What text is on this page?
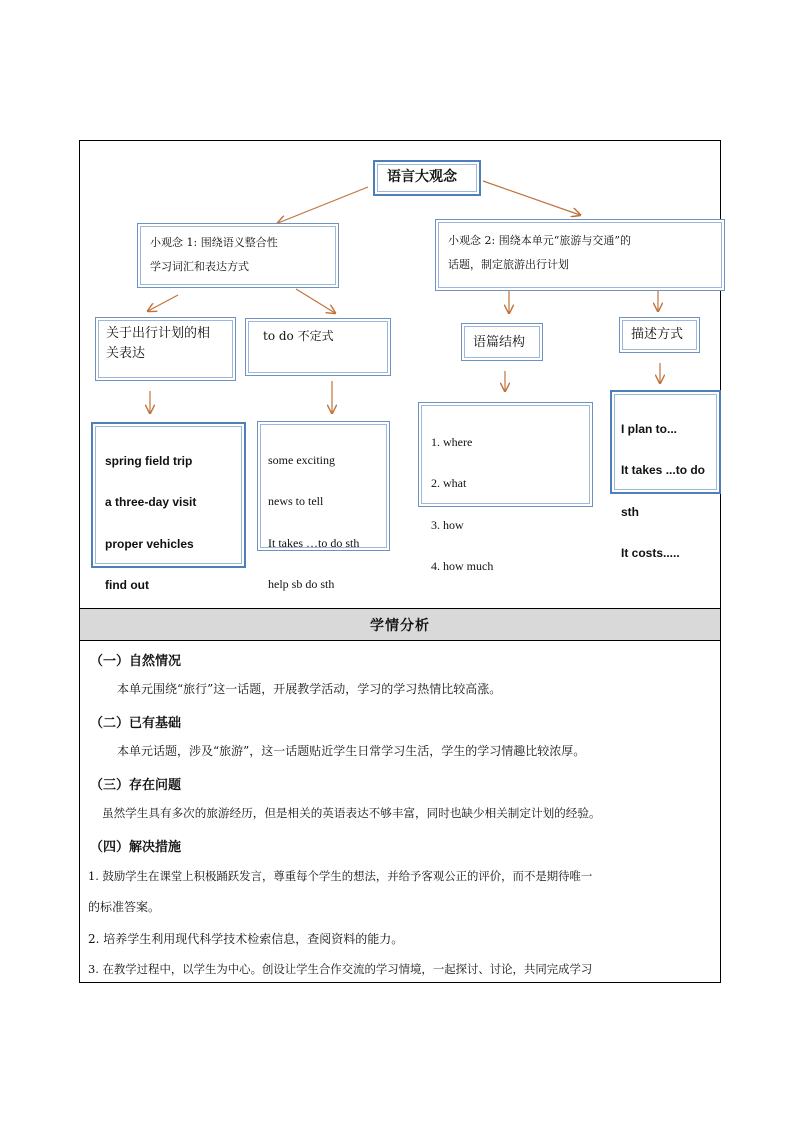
语言大观念
小观念 1: 围绕语义整合性
学习词汇和表达方式
小观念 2: 围绕本单元“旅游与交通”的
话题，制定旅游出行计划
关于出行计划的相
关表达
to do 不定式	语篇结构
描述方式

spring field trip

a three-day visit

proper vehicles

find out

some exciting

news to tell

It takes …to do sth

help sb do sth

1. where

2. what

3. how

4. how much

I plan to...

It takes ...to do

sth

It costs.....

学情分析
（一）自然情况
本单元围绕“旅行”这一话题，开展教学活动，学习的学习热情比较高涨。
（二）已有基础
本单元话题，涉及“旅游”，这一话题贴近学生日常学习生活，学生的学习情趣比较浓厚。
（三）存在问题
虽然学生具有多次的旅游经历，但是相关的英语表达不够丰富，同时也缺少相关制定计划的经验。
（四）解决措施
1. 鼓励学生在课堂上积极踊跃发言，尊重每个学生的想法，并给予客观公正的评价，而不是期待唯一
的标准答案。
2. 培养学生利用现代科学技术检索信息，查阅资料的能力。
3. 在教学过程中，以学生为中心。创设让学生合作交流的学习情境，一起探讨、讨论，共同完成学习
